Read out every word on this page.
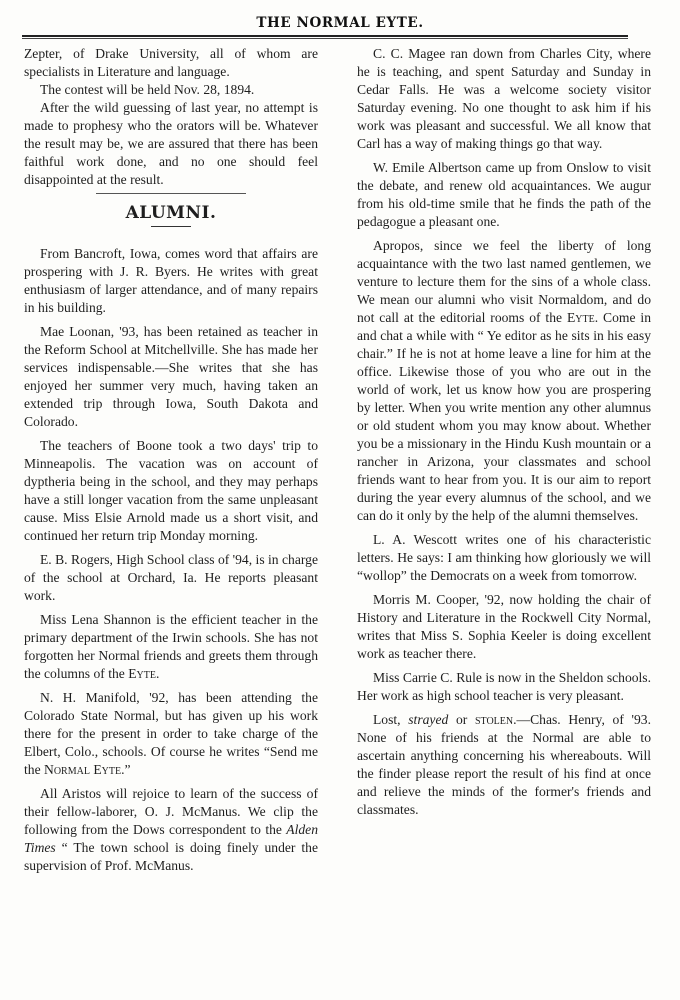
THE NORMAL EYTE.

Zepter, of Drake University, all of whom are specialists in Literature and language.

The contest will be held Nov. 28, 1894.

After the wild guessing of last year, no attempt is made to prophesy who the orators will be. Whatever the result may be, we are assured that there has been faithful work done, and no one should feel disappointed at the result.

ALUMNI.

From Bancroft, Iowa, comes word that affairs are prospering with J. R. Byers. He writes with great enthusiasm of larger attendance, and of many repairs in his building.

Mae Loonan, '93, has been retained as teacher in the Reform School at Mitchellville. She has made her services indispensable.—She writes that she has enjoyed her summer very much, having taken an extended trip through Iowa, South Dakota and Colorado.

The teachers of Boone took a two days' trip to Minneapolis. The vacation was on account of dyptheria being in the school, and they may perhaps have a still longer vacation from the same unpleasant cause. Miss Elsie Arnold made us a short visit, and continued her return trip Monday morning.

E. B. Rogers, High School class of '94, is in charge of the school at Orchard, Ia. He reports pleasant work.

Miss Lena Shannon is the efficient teacher in the primary department of the Irwin schools. She has not forgotten her Normal friends and greets them through the columns of the Eyte.

N. H. Manifold, '92, has been attending the Colorado State Normal, but has given up his work there for the present in order to take charge of the Elbert, Colo., schools. Of course he writes “Send me the Normal Eyte.”

All Aristos will rejoice to learn of the success of their fellow-laborer, O. J. McManus. We clip the following from the Dows correspondent to the Alden Times “ The town school is doing finely under the supervision of Prof. McManus.

C. C. Magee ran down from Charles City, where he is teaching, and spent Saturday and Sunday in Cedar Falls. He was a welcome society visitor Saturday evening. No one thought to ask him if his work was pleasant and successful. We all know that Carl has a way of making things go that way.

W. Emile Albertson came up from Onslow to visit the debate, and renew old acquaintances. We augur from his old-time smile that he finds the path of the pedagogue a pleasant one.

Apropos, since we feel the liberty of long acquaintance with the two last named gentlemen, we venture to lecture them for the sins of a whole class. We mean our alumni who visit Normaldom, and do not call at the editorial rooms of the Eyte. Come in and chat a while with “ Ye editor as he sits in his easy chair.” If he is not at home leave a line for him at the office. Likewise those of you who are out in the world of work, let us know how you are prospering by letter. When you write mention any other alumnus or old student whom you may know about. Whether you be a missionary in the Hindu Kush mountain or a rancher in Arizona, your classmates and school friends want to hear from you. It is our aim to report during the year every alumnus of the school, and we can do it only by the help of the alumni themselves.

L. A. Wescott writes one of his characteristic letters. He says: I am thinking how gloriously we will “wollop” the Democrats on a week from tomorrow.

Morris M. Cooper, '92, now holding the chair of History and Literature in the Rockwell City Normal, writes that Miss S. Sophia Keeler is doing excellent work as teacher there.

Miss Carrie C. Rule is now in the Sheldon schools. Her work as high school teacher is very pleasant.

Lost, strayed or stolen.—Chas. Henry, of '93. None of his friends at the Normal are able to ascertain anything concerning his whereabouts. Will the finder please report the result of his find at once and relieve the minds of the former's friends and classmates.
